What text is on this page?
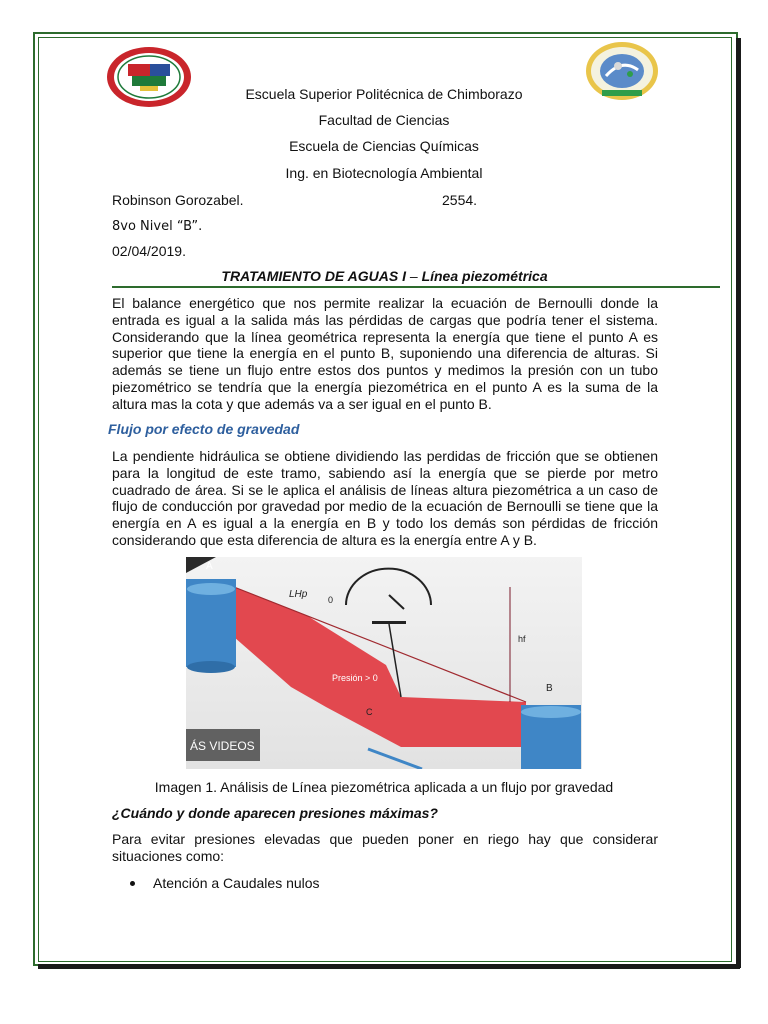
Escuela Superior Politécnica de Chimborazo
Facultad de Ciencias
Escuela de Ciencias Químicas
Ing. en Biotecnología Ambiental
Robinson Gorozabel.	2554.
8vo Nivel “B”.
02/04/2019.
TRATAMIENTO DE AGUAS I – Línea piezométrica
El balance energético que nos permite realizar la ecuación de Bernoulli donde la entrada es igual a la salida más las pérdidas de cargas que podría tener el sistema. Considerando que la línea geométrica representa la energía que tiene el punto A es superior que tiene la energía en el punto B, suponiendo una diferencia de alturas. Si además se tiene un flujo entre estos dos puntos y medimos la presión con un tubo piezométrico se tendría que la energía piezométrica en el punto A es la suma de la altura mas la cota y que además va a ser igual en el punto B.
Flujo por efecto de gravedad
La pendiente hidráulica se obtiene dividiendo las perdidas de fricción que se obtienen para la longitud de este tramo, sabiendo así la energía que se pierde por metro cuadrado de área. Si se le aplica el análisis de líneas altura piezométrica a un caso de flujo de conducción por gravedad por medio de la ecuación de Bernoulli se tiene que la energía en A es igual a la energía en B y todo los demás son pérdidas de fricción considerando que esta diferencia de altura es la energía entre A y B.
A
LHp 0
hf
B
C
Presión > 0
ÁS VIDEOS
Imagen 1. Análisis de Línea piezométrica aplicada a un flujo por gravedad
¿Cuándo y donde aparecen presiones máximas?
Para evitar presiones elevadas que pueden poner en riego hay que considerar situaciones como:
Atención a Caudales nulos
